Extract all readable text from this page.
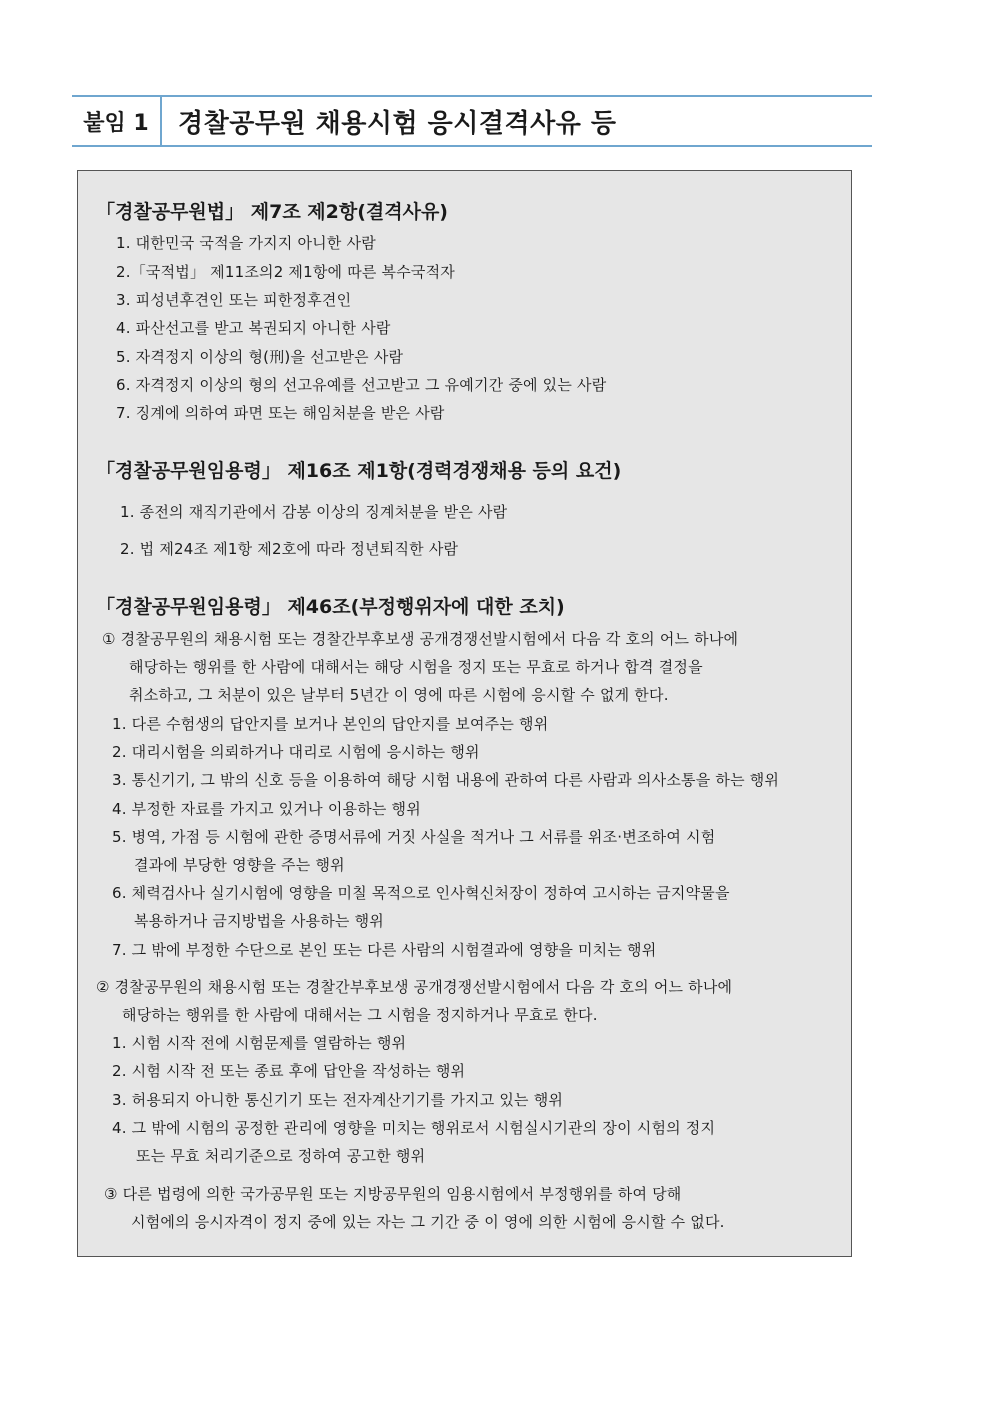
붙임 1	경찰공무원 채용시험 응시결격사유 등
「경찰공무원법」 제7조 제2항(결격사유)
1. 대한민국 국적을 가지지 아니한 사람
2.「국적법」 제11조의2 제1항에 따른 복수국적자
3. 피성년후견인 또는 피한정후견인
4. 파산선고를 받고 복권되지 아니한 사람
5. 자격정지 이상의 형(刑)을 선고받은 사람
6. 자격정지 이상의 형의 선고유예를 선고받고 그 유예기간 중에 있는 사람
7. 징계에 의하여 파면 또는 해임처분을 받은 사람
「경찰공무원임용령」 제16조 제1항(경력경쟁채용 등의 요건)
1. 종전의 재직기관에서 감봉 이상의 징계처분을 받은 사람
2. 법 제24조 제1항 제2호에 따라 정년퇴직한 사람
「경찰공무원임용령」 제46조(부정행위자에 대한 조치)
① 경찰공무원의 채용시험 또는 경찰간부후보생 공개경쟁선발시험에서 다음 각 호의 어느 하나에
해당하는 행위를 한 사람에 대해서는 해당 시험을 정지 또는 무효로 하거나 합격 결정을
취소하고, 그 처분이 있은 날부터 5년간 이 영에 따른 시험에 응시할 수 없게 한다.
1. 다른 수험생의 답안지를 보거나 본인의 답안지를 보여주는 행위
2. 대리시험을 의뢰하거나 대리로 시험에 응시하는 행위
3. 통신기기, 그 밖의 신호 등을 이용하여 해당 시험 내용에 관하여 다른 사람과 의사소통을 하는 행위
4. 부정한 자료를 가지고 있거나 이용하는 행위
5. 병역, 가점 등 시험에 관한 증명서류에 거짓 사실을 적거나 그 서류를 위조·변조하여 시험
결과에 부당한 영향을 주는 행위
6. 체력검사나 실기시험에 영향을 미칠 목적으로 인사혁신처장이 정하여 고시하는 금지약물을
복용하거나 금지방법을 사용하는 행위
7. 그 밖에 부정한 수단으로 본인 또는 다른 사람의 시험결과에 영향을 미치는 행위
② 경찰공무원의 채용시험 또는 경찰간부후보생 공개경쟁선발시험에서 다음 각 호의 어느 하나에
해당하는 행위를 한 사람에 대해서는 그 시험을 정지하거나 무효로 한다.
1. 시험 시작 전에 시험문제를 열람하는 행위
2. 시험 시작 전 또는 종료 후에 답안을 작성하는 행위
3. 허용되지 아니한 통신기기 또는 전자계산기기를 가지고 있는 행위
4. 그 밖에 시험의 공정한 관리에 영향을 미치는 행위로서 시험실시기관의 장이 시험의 정지
또는 무효 처리기준으로 정하여 공고한 행위
③ 다른 법령에 의한 국가공무원 또는 지방공무원의 임용시험에서 부정행위를 하여 당해
시험에의 응시자격이 정지 중에 있는 자는 그 기간 중 이 영에 의한 시험에 응시할 수 없다.
